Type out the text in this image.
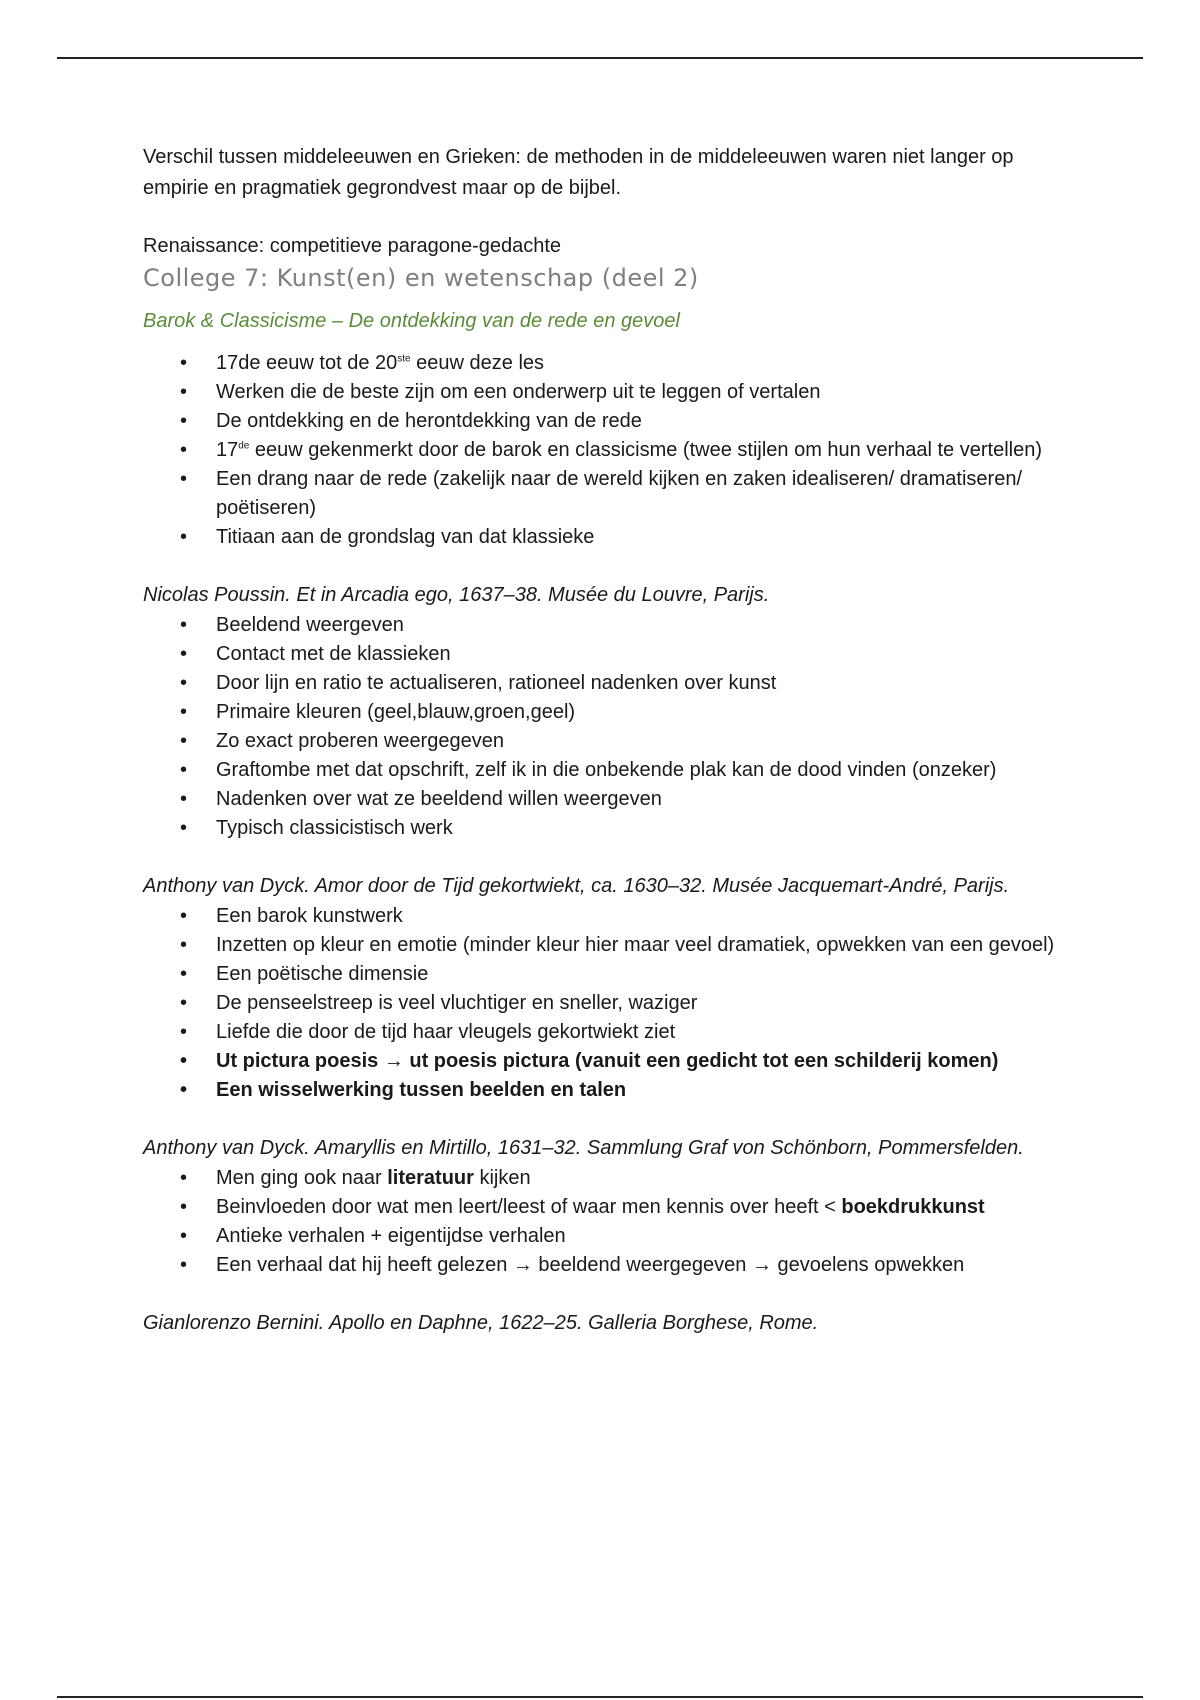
Verschil tussen middeleeuwen en Grieken: de methoden in de middeleeuwen waren niet langer op empirie en pragmatiek gegrondvest maar op de bijbel.

Renaissance: competitieve paragone-gedachte

College 7: Kunst(en) en wetenschap (deel 2)

Barok & Classicisme – De ontdekking van de rede en gevoel

• 17de eeuw tot de 20ste eeuw deze les
• Werken die de beste zijn om een onderwerp uit te leggen of vertalen
• De ontdekking en de herontdekking van de rede
• 17de eeuw gekenmerkt door de barok en classicisme (twee stijlen om hun verhaal te vertellen)
• Een drang naar de rede (zakelijk naar de wereld kijken en zaken idealiseren/ dramatiseren/ poëtiseren)
• Titiaan aan de grondslag van dat klassieke

Nicolas Poussin. Et in Arcadia ego, 1637–38. Musée du Louvre, Parijs.

• Beeldend weergeven
• Contact met de klassieken
• Door lijn en ratio te actualiseren, rationeel nadenken over kunst
• Primaire kleuren (geel,blauw,groen,geel)
• Zo exact proberen weergegeven
• Graftombe met dat opschrift, zelf ik in die onbekende plak kan de dood vinden (onzeker)
• Nadenken over wat ze beeldend willen weergeven
• Typisch classicistisch werk

Anthony van Dyck. Amor door de Tijd gekortwiekt, ca. 1630–32. Musée Jacquemart-André, Parijs.

• Een barok kunstwerk
• Inzetten op kleur en emotie (minder kleur hier maar veel dramatiek, opwekken van een gevoel)
• Een poëtische dimensie
• De penseelstreep is veel vluchtiger en sneller, waziger
• Liefde die door de tijd haar vleugels gekortwiekt ziet
• Ut pictura poesis → ut poesis pictura (vanuit een gedicht tot een schilderij komen)
• Een wisselwerking tussen beelden en talen

Anthony van Dyck. Amaryllis en Mirtillo, 1631–32. Sammlung Graf von Schönborn, Pommersfelden.

• Men ging ook naar literatuur kijken
• Beinvloeden door wat men leert/leest of waar men kennis over heeft < boekdrukkunst
• Antieke verhalen + eigentijdse verhalen
• Een verhaal dat hij heeft gelezen → beeldend weergegeven → gevoelens opwekken

Gianlorenzo Bernini. Apollo en Daphne, 1622–25. Galleria Borghese, Rome.
